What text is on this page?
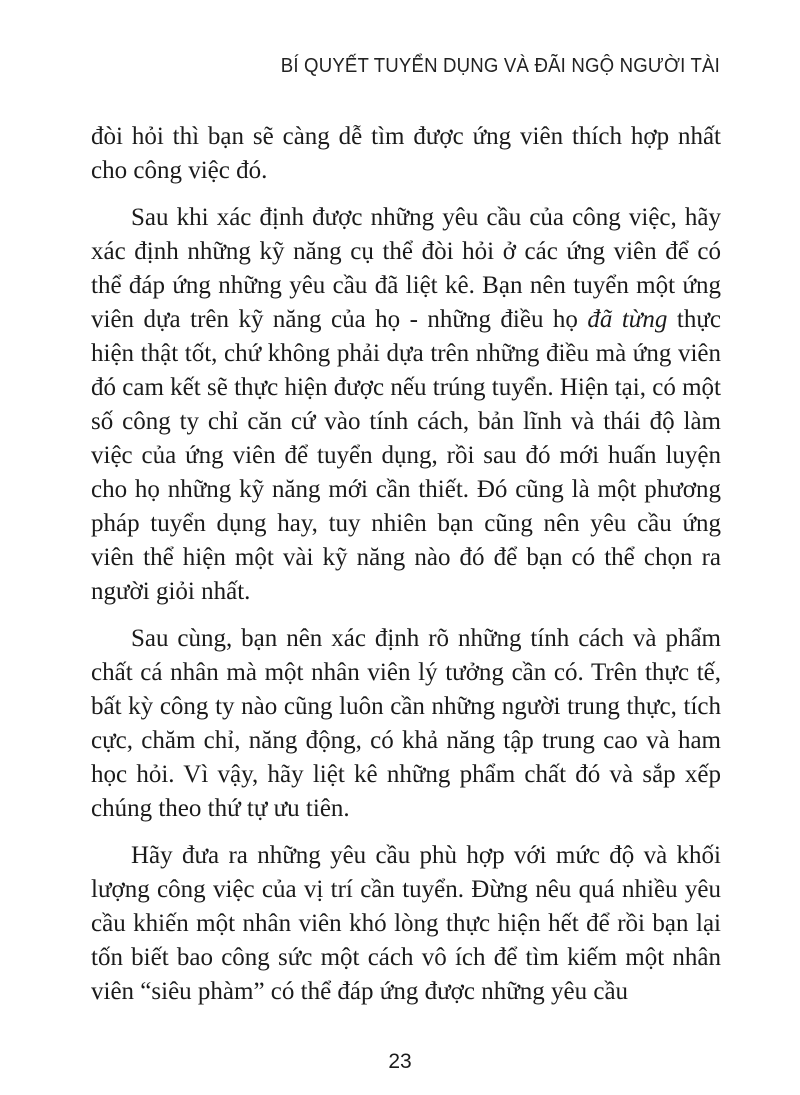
BÍ QUYẾT TUYỂN DỤNG VÀ ĐÃI NGỘ NGƯỜI TÀI

đòi hỏi thì bạn sẽ càng dễ tìm được ứng viên thích hợp nhất cho công việc đó.

Sau khi xác định được những yêu cầu của công việc, hãy xác định những kỹ năng cụ thể đòi hỏi ở các ứng viên để có thể đáp ứng những yêu cầu đã liệt kê. Bạn nên tuyển một ứng viên dựa trên kỹ năng của họ - những điều họ đã từng thực hiện thật tốt, chứ không phải dựa trên những điều mà ứng viên đó cam kết sẽ thực hiện được nếu trúng tuyển. Hiện tại, có một số công ty chỉ căn cứ vào tính cách, bản lĩnh và thái độ làm việc của ứng viên để tuyển dụng, rồi sau đó mới huấn luyện cho họ những kỹ năng mới cần thiết. Đó cũng là một phương pháp tuyển dụng hay, tuy nhiên bạn cũng nên yêu cầu ứng viên thể hiện một vài kỹ năng nào đó để bạn có thể chọn ra người giỏi nhất.

Sau cùng, bạn nên xác định rõ những tính cách và phẩm chất cá nhân mà một nhân viên lý tưởng cần có. Trên thực tế, bất kỳ công ty nào cũng luôn cần những người trung thực, tích cực, chăm chỉ, năng động, có khả năng tập trung cao và ham học hỏi. Vì vậy, hãy liệt kê những phẩm chất đó và sắp xếp chúng theo thứ tự ưu tiên.

Hãy đưa ra những yêu cầu phù hợp với mức độ và khối lượng công việc của vị trí cần tuyển. Đừng nêu quá nhiều yêu cầu khiến một nhân viên khó lòng thực hiện hết để rồi bạn lại tốn biết bao công sức một cách vô ích để tìm kiếm một nhân viên “siêu phàm” có thể đáp ứng được những yêu cầu

23
